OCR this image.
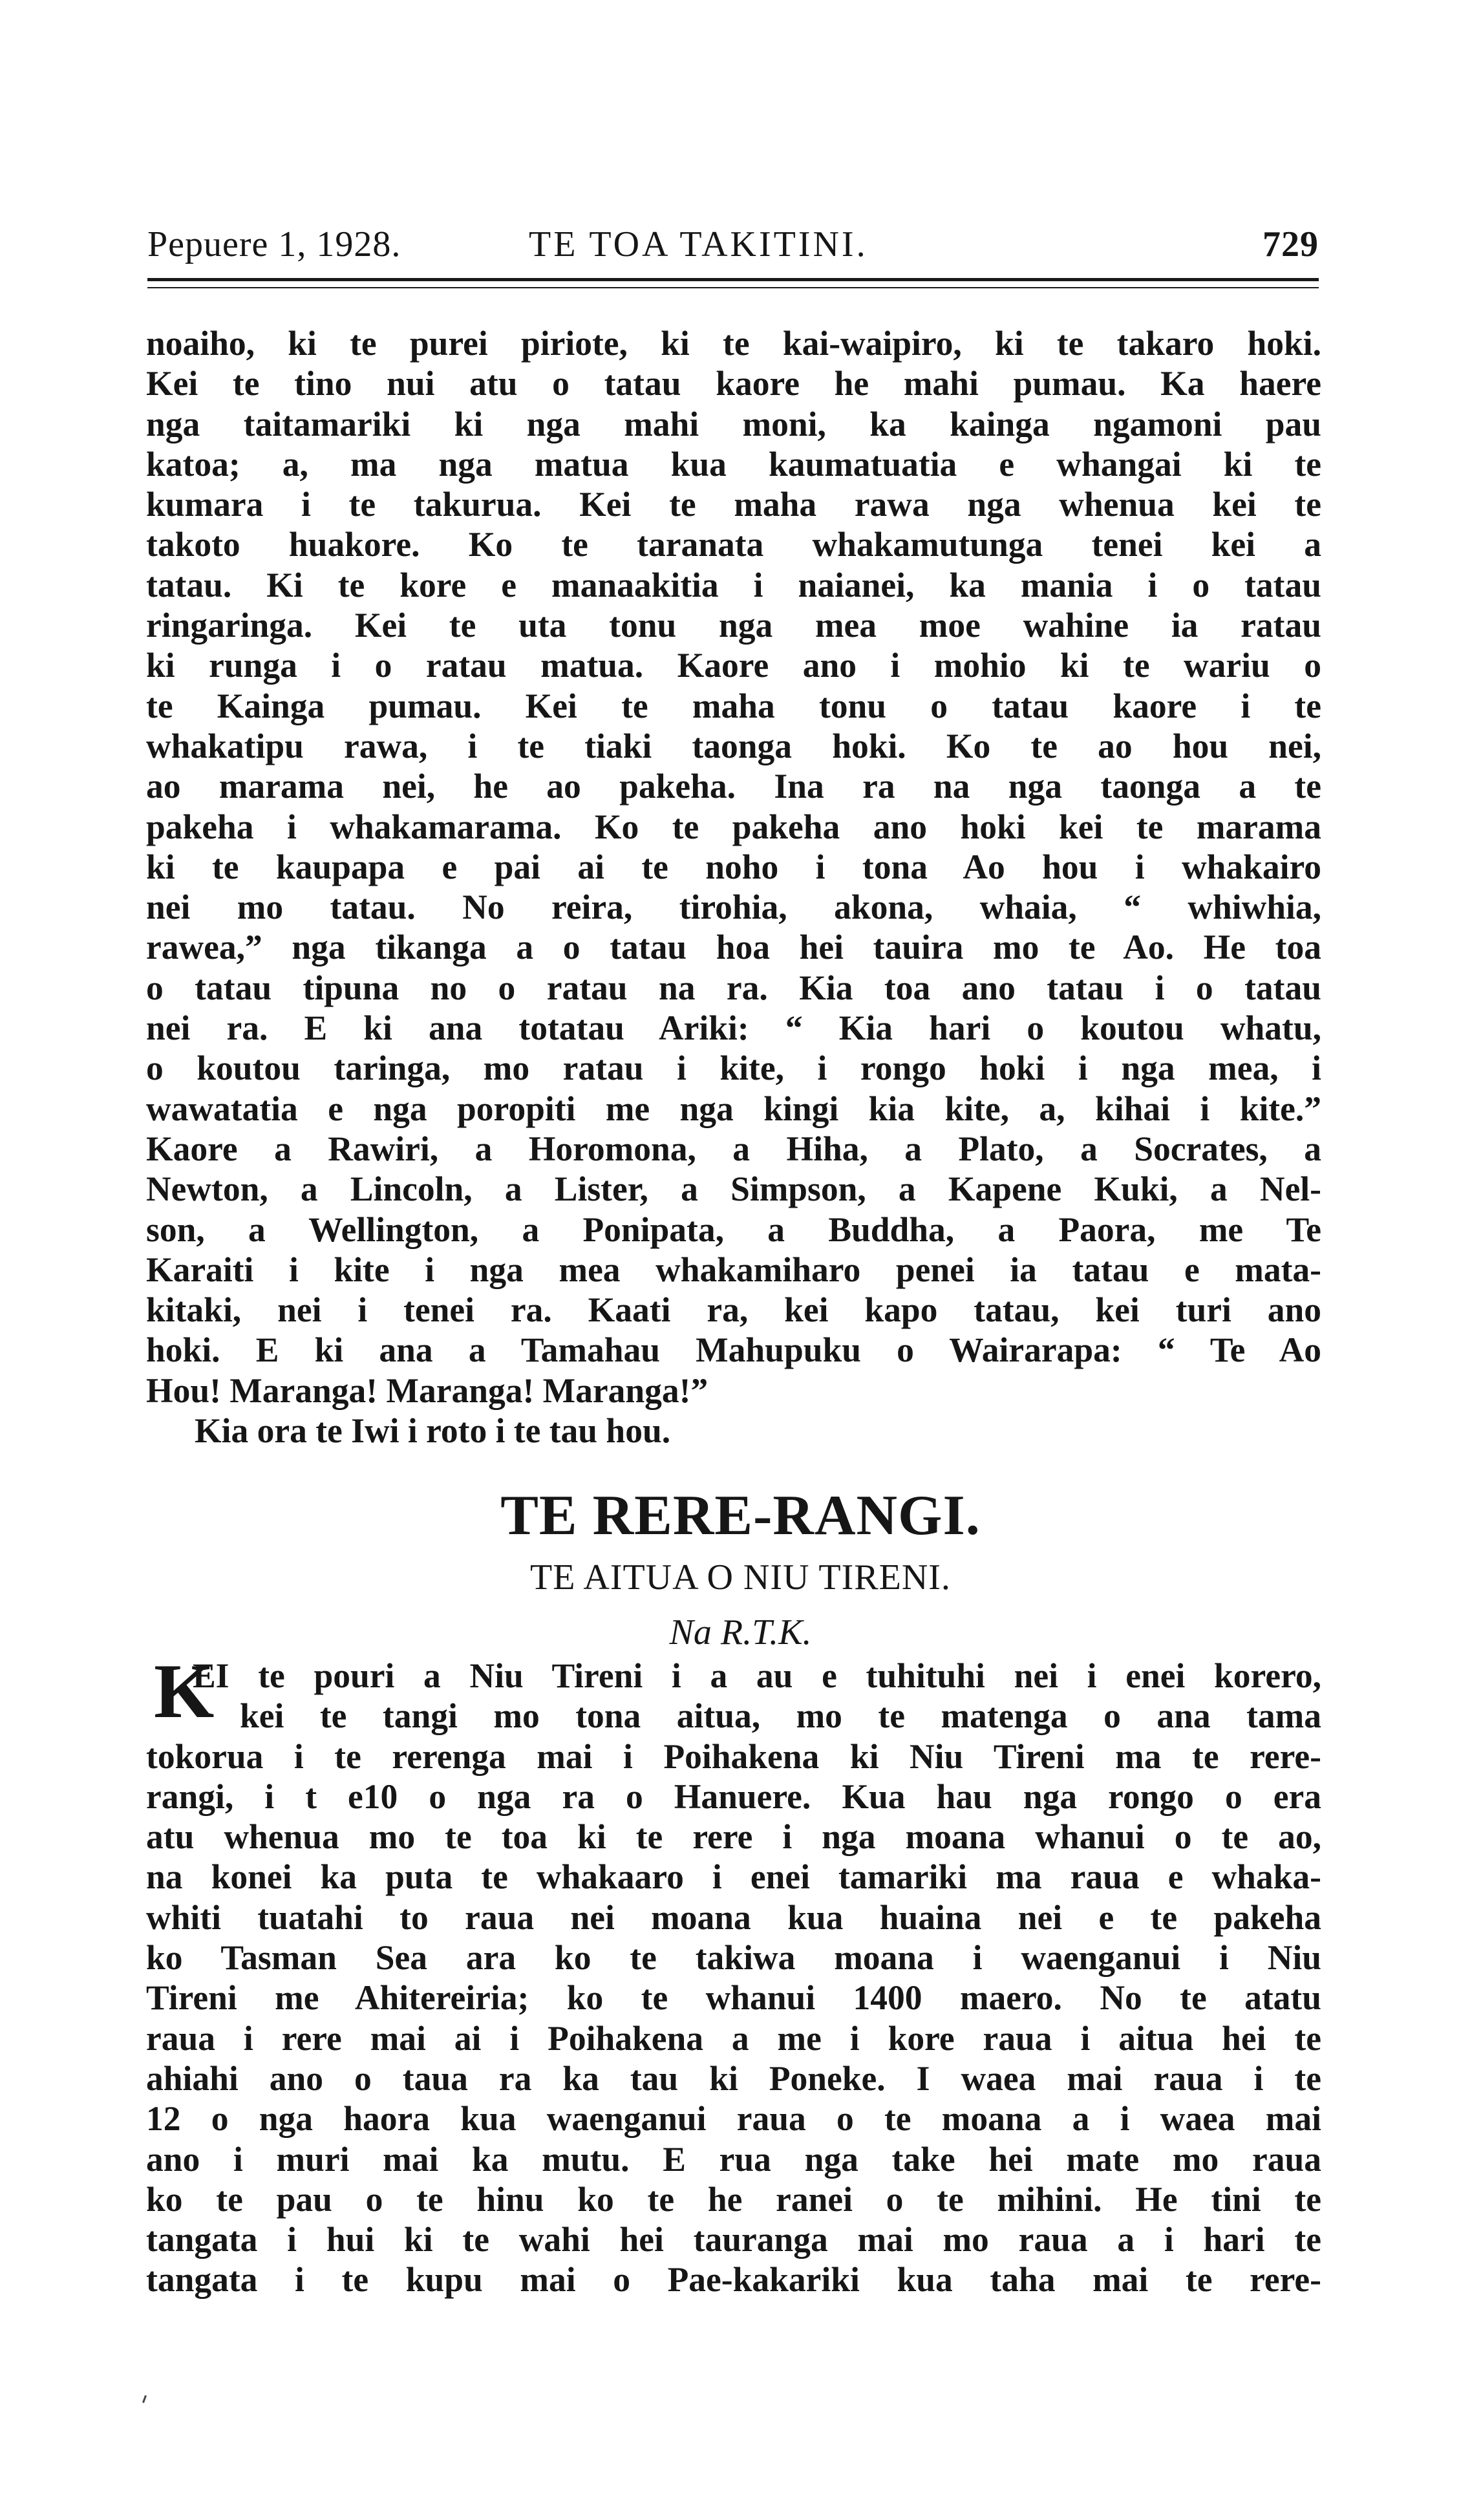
Pepuere 1, 1928.	TE TOA TAKITINI.	729
noaiho, ki te purei piriote, ki te kai-waipiro, ki te takaro hoki.
Kei te tino nui atu o tatau kaore he mahi pumau. Ka haere
nga taitamariki ki nga mahi moni, ka kainga ngamoni pau
katoa; a, ma nga matua kua kaumatuatia e whangai ki te
kumara i te takurua. Kei te maha rawa nga whenua kei te
takoto huakore. Ko te taranata whakamutunga tenei kei a
tatau. Ki te kore e manaakitia i naianei, ka mania i o tatau
ringaringa. Kei te uta tonu nga mea moe wahine ia ratau
ki runga i o ratau matua. Kaore ano i mohio ki te wariu o
te Kainga pumau. Kei te maha tonu o tatau kaore i te
whakatipu rawa, i te tiaki taonga hoki. Ko te ao hou nei,
ao marama nei, he ao pakeha. Ina ra na nga taonga a te
pakeha i whakamarama. Ko te pakeha ano hoki kei te marama
ki te kaupapa e pai ai te noho i tona Ao hou i whakairo
nei mo tatau. No reira, tirohia, akona, whaia, “ whiwhia,
rawea,” nga tikanga a o tatau hoa hei tauira mo te Ao. He toa
o tatau tipuna no o ratau na ra. Kia toa ano tatau i o tatau
nei ra. E ki ana totatau Ariki: “ Kia hari o koutou whatu,
o koutou taringa, mo ratau i kite, i rongo hoki i nga mea, i
wawatatia e nga poropiti me nga kingi kia kite, a, kihai i kite.”
Kaore a Rawiri, a Horomona, a Hiha, a Plato, a Socrates, a
Newton, a Lincoln, a Lister, a Simpson, a Kapene Kuki, a Nel-
son, a Wellington, a Ponipata, a Buddha, a Paora, me Te
Karaiti i kite i nga mea whakamiharo penei ia tatau e mata-
kitaki, nei i tenei ra. Kaati ra, kei kapo tatau, kei turi ano
hoki. E ki ana a Tamahau Mahupuku o Wairarapa: “ Te Ao
Hou! Maranga! Maranga! Maranga!”
Kia ora te Iwi i roto i te tau hou.
TE RERE-RANGI.
TE AITUA O NIU TIRENI.
Na R.T.K.
K
EI te pouri a Niu Tireni i a au e tuhituhi nei i enei korero,
kei te tangi mo tona aitua, mo te matenga o ana tama
tokorua i te rerenga mai i Poihakena ki Niu Tireni ma te rere-
rangi, i t e10 o nga ra o Hanuere. Kua hau nga rongo o era
atu whenua mo te toa ki te rere i nga moana whanui o te ao,
na konei ka puta te whakaaro i enei tamariki ma raua e whaka-
whiti tuatahi to raua nei moana kua huaina nei e te pakeha
ko Tasman Sea ara ko te takiwa moana i waenganui i Niu
Tireni me Ahitereiria; ko te whanui 1400 maero. No te atatu
raua i rere mai ai i Poihakena a me i kore raua i aitua hei te
ahiahi ano o taua ra ka tau ki Poneke. I waea mai raua i te
12 o nga haora kua waenganui raua o te moana a i waea mai
ano i muri mai ka mutu. E rua nga take hei mate mo raua
ko te pau o te hinu ko te he ranei o te mihini. He tini te
tangata i hui ki te wahi hei tauranga mai mo raua a i hari te
tangata i te kupu mai o Pae-kakariki kua taha mai te rere-
